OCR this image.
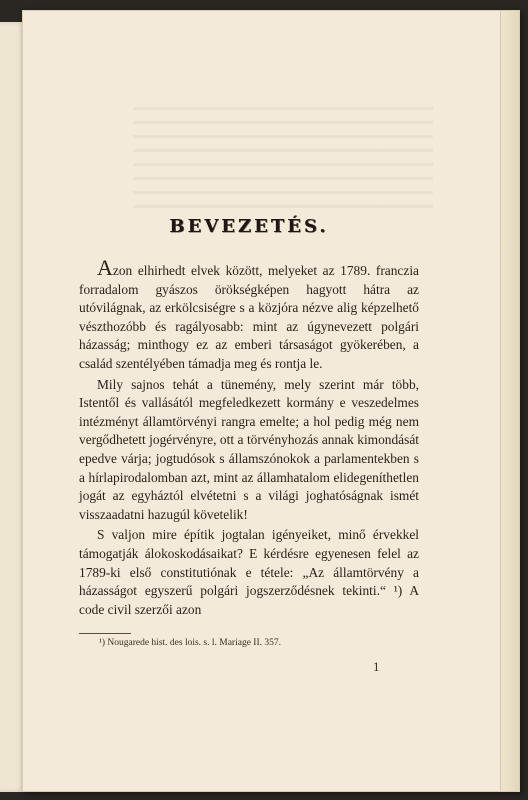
BEVEZETÉS.

Azon elhirhedt elvek között, melyeket az 1789. franczia forradalom gyászos örökségképen hagyott hátra az utóvilágnak, az erkölcsiségre s a közjóra nézve alig képzelhető vészthozóbb és ragályosabb: mint az úgynevezett polgári házasság; minthogy ez az emberi társaságot gyökerében, a család szentélyében támadja meg és rontja le.

Mily sajnos tehát a tünemény, mely szerint már több, Istentől és vallásától megfeledkezett kormány e veszedelmes intézményt államtörvényi rangra emelte; a hol pedig még nem vergődhetett jogérvényre, ott a törvényhozás annak kimondását epedve várja; jogtudósok s államszónokok a parlamentekben s a hírlapirodalomban azt, mint az államhatalom elidegeníthetlen jogát az egyháztól elvétetni s a világi joghatóságnak ismét visszaadatni hazugúl követelik!

S valjon mire építik jogtalan igényeiket, minő érvekkel támogatják álokoskodásaikat? E kérdésre egyenesen felel az 1789-ki első constitutiónak e tétele: „Az államtörvény a házasságot egyszerű polgári jogszerződésnek tekinti.“ ¹) A code civil szerzői azon

¹) Nougarede hist. des lois. s. l. Mariage II. 357.

1
